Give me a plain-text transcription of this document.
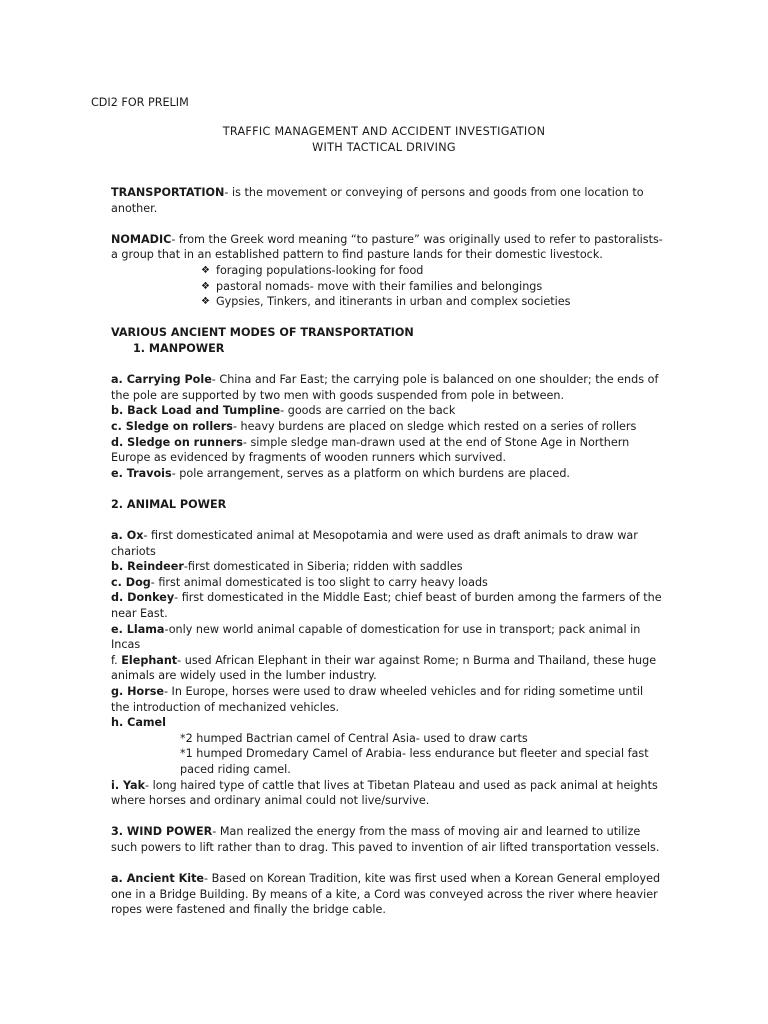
CDI2 FOR PRELIM
TRAFFIC MANAGEMENT AND ACCIDENT INVESTIGATION
WITH TACTICAL DRIVING

TRANSPORTATION- is the movement or conveying of persons and goods from one location to another.

NOMADIC- from the Greek word meaning “to pasture” was originally used to refer to pastoralists-a group that in an established pattern to find pasture lands for their domestic livestock.

❖ foraging populations-looking for food
❖ pastoral nomads- move with their families and belongings
❖ Gypsies, Tinkers, and itinerants in urban and complex societies

VARIOUS ANCIENT MODES OF TRANSPORTATION

1. MANPOWER

a. Carrying Pole- China and Far East; the carrying pole is balanced on one shoulder; the ends of the pole are supported by two men with goods suspended from pole in between.

b. Back Load and Tumpline- goods are carried on the back

c. Sledge on rollers- heavy burdens are placed on sledge which rested on a series of rollers

d. Sledge on runners- simple sledge man-drawn used at the end of Stone Age in Northern Europe as evidenced by fragments of wooden runners which survived.

e. Travois- pole arrangement, serves as a platform on which burdens are placed.

2. ANIMAL POWER

a. Ox- first domesticated animal at Mesopotamia and were used as draft animals to draw war chariots

b. Reindeer-first domesticated in Siberia; ridden with saddles

c. Dog- first animal domesticated is too slight to carry heavy loads

d. Donkey- first domesticated in the Middle East; chief beast of burden among the farmers of the near East.

e. Llama-only new world animal capable of domestication for use in transport; pack animal in Incas

f. Elephant- used African Elephant in their war against Rome; n Burma and Thailand, these huge animals are widely used in the lumber industry.

g. Horse- In Europe, horses were used to draw wheeled vehicles and for riding sometime until the introduction of mechanized vehicles.

h. Camel

*2 humped Bactrian camel of Central Asia- used to draw carts

*1 humped Dromedary Camel of Arabia- less endurance but fleeter and special fast paced riding camel.

i. Yak- long haired type of cattle that lives at Tibetan Plateau and used as pack animal at heights where horses and ordinary animal could not live/survive.

3. WIND POWER- Man realized the energy from the mass of moving air and learned to utilize such powers to lift rather than to drag. This paved to invention of air lifted transportation vessels.

a. Ancient Kite- Based on Korean Tradition, kite was first used when a Korean General employed one in a Bridge Building. By means of a kite, a Cord was conveyed across the river where heavier ropes were fastened and finally the bridge cable.
